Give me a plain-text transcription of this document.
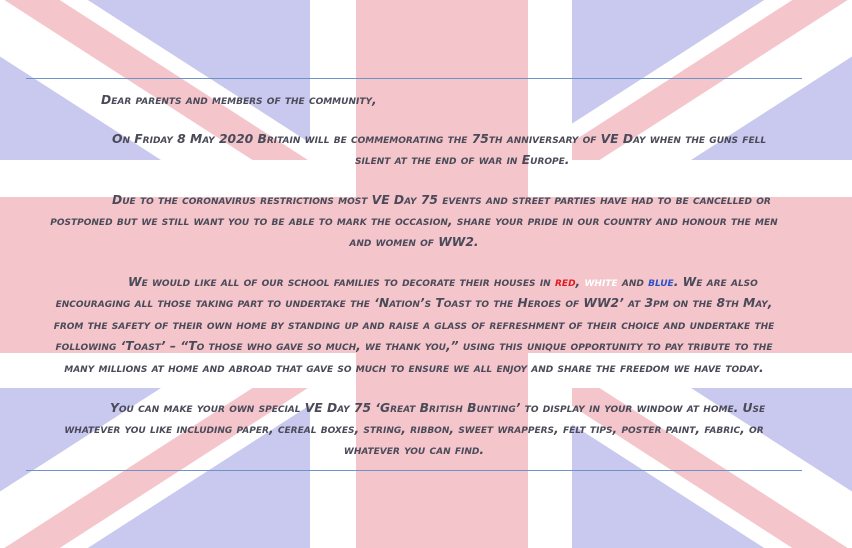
Dear parents and members of the community,

On Friday 8 May 2020 Britain will be commemorating the 75th anniversary of VE Day when the guns fell

silent at the end of war in Europe.

Due to the coronavirus restrictions most VE Day 75 events and street parties have had to be cancelled or

postponed but we still want you to be able to mark the occasion, share your pride in our country and honour the men

and women of WW2.

We would like all of our school families to decorate their houses in red, white and blue. We are also

encouraging all those taking part to undertake the ‘Nation’s Toast to the Heroes of WW2’ at 3pm on the 8th May,

from the safety of their own home by standing up and raise a glass of refreshment of their choice and undertake the

following ‘Toast’ – “To those who gave so much, we thank you,” using this unique opportunity to pay tribute to the

many millions at home and abroad that gave so much to ensure we all enjoy and share the freedom we have today.

You can make your own special VE Day 75 ‘Great British Bunting’ to display in your window at home. Use

whatever you like including paper, cereal boxes, string, ribbon, sweet wrappers, felt tips, poster paint, fabric, or

whatever you can find.
